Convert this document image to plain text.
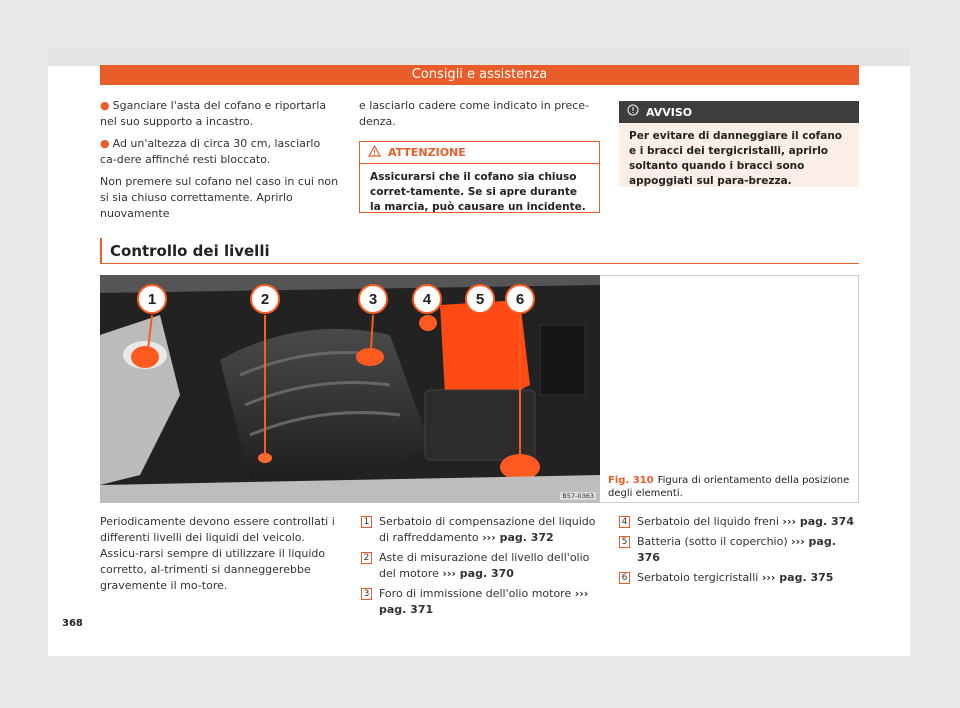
Consigli e assistenza

● Sganciare l'asta del cofano e riportarla nel suo supporto a incastro.

● Ad un'altezza di circa 30 cm, lasciarlo ca-dere affinché resti bloccato.

Non premere sul cofano nel caso in cui non si sia chiuso correttamente. Aprirlo nuovamente

e lasciarlo cadere come indicato in prece-denza.

ATTENZIONE
Assicurarsi che il cofano sia chiuso corret-tamente. Se si apre durante la marcia, può causare un incidente.
AVVISO
Per evitare di danneggiare il cofano e i bracci dei tergicristalli, aprirlo soltanto quando i bracci sono appoggiati sul para-brezza.
Controllo dei livelli
1	2	3	4	5 6
B57-0363
Fig. 310 Figura di orientamento della posizione degli elementi.
Periodicamente devono essere controllati i differenti livelli dei liquidi del veicolo. Assicu-rarsi sempre di utilizzare il liquido corretto, al-trimenti si danneggerebbe gravemente il mo-tore.
1 Serbatoio di compensazione del liquido di raffreddamento ››› pag. 372
2 Aste di misurazione del livello dell'olio del motore ››› pag. 370
3 Foro di immissione dell'olio motore ››› pag. 371
4 Serbatoio del liquido freni ››› pag. 374
5 Batteria (sotto il coperchio) ››› pag. 376
6 Serbatoio tergicristalli ››› pag. 375
368
